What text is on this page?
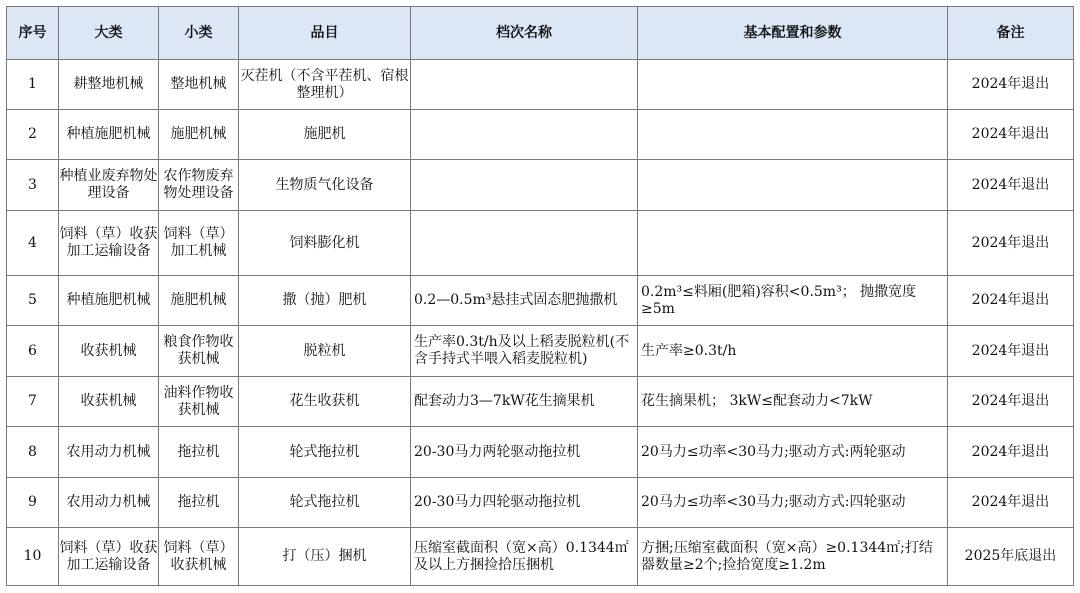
序号	大类	小类	品目	档次名称	基本配置和参数	备注

1	耕整地机械	整地机械	灭茬机（不含平茬机、宿根整理机）			2024年退出

2	种植施肥机械	施肥机械	施肥机			2024年退出

3	种植业废弃物处理设备	农作物废弃物处理设备	生物质气化设备			2024年退出

4	饲料（草）收获加工运输设备	饲料（草）加工机械	饲料膨化机			2024年退出

5	种植施肥机械	施肥机械	撒（抛）肥机	0.2—0.5m³悬挂式固态肥抛撒机	0.2m³≤料厢(肥箱)容积<0.5m³； 抛撒宽度≥5m	2024年退出

6	收获机械	粮食作物收获机械	脱粒机	生产率0.3t/h及以上稻麦脱粒机(不含手持式半喂入稻麦脱粒机)	生产率≥0.3t/h	2024年退出

7	收获机械	油料作物收获机械	花生收获机	配套动力3—7kW花生摘果机	花生摘果机； 3kW≤配套动力<7kW	2024年退出

8	农用动力机械	拖拉机	轮式拖拉机	20-30马力两轮驱动拖拉机	20马力≤功率<30马力;驱动方式:两轮驱动	2024年退出

9	农用动力机械	拖拉机	轮式拖拉机	20-30马力四轮驱动拖拉机	20马力≤功率<30马力;驱动方式:四轮驱动	2024年退出

10	饲料（草）收获加工运输设备	饲料（草）收获机械	打（压）捆机	压缩室截面积（宽×高）0.1344㎡及以上方捆捡拾压捆机	方捆;压缩室截面积（宽×高）≥0.1344㎡;打结器数量≥2个;捡拾宽度≥1.2m	2025年底退出
